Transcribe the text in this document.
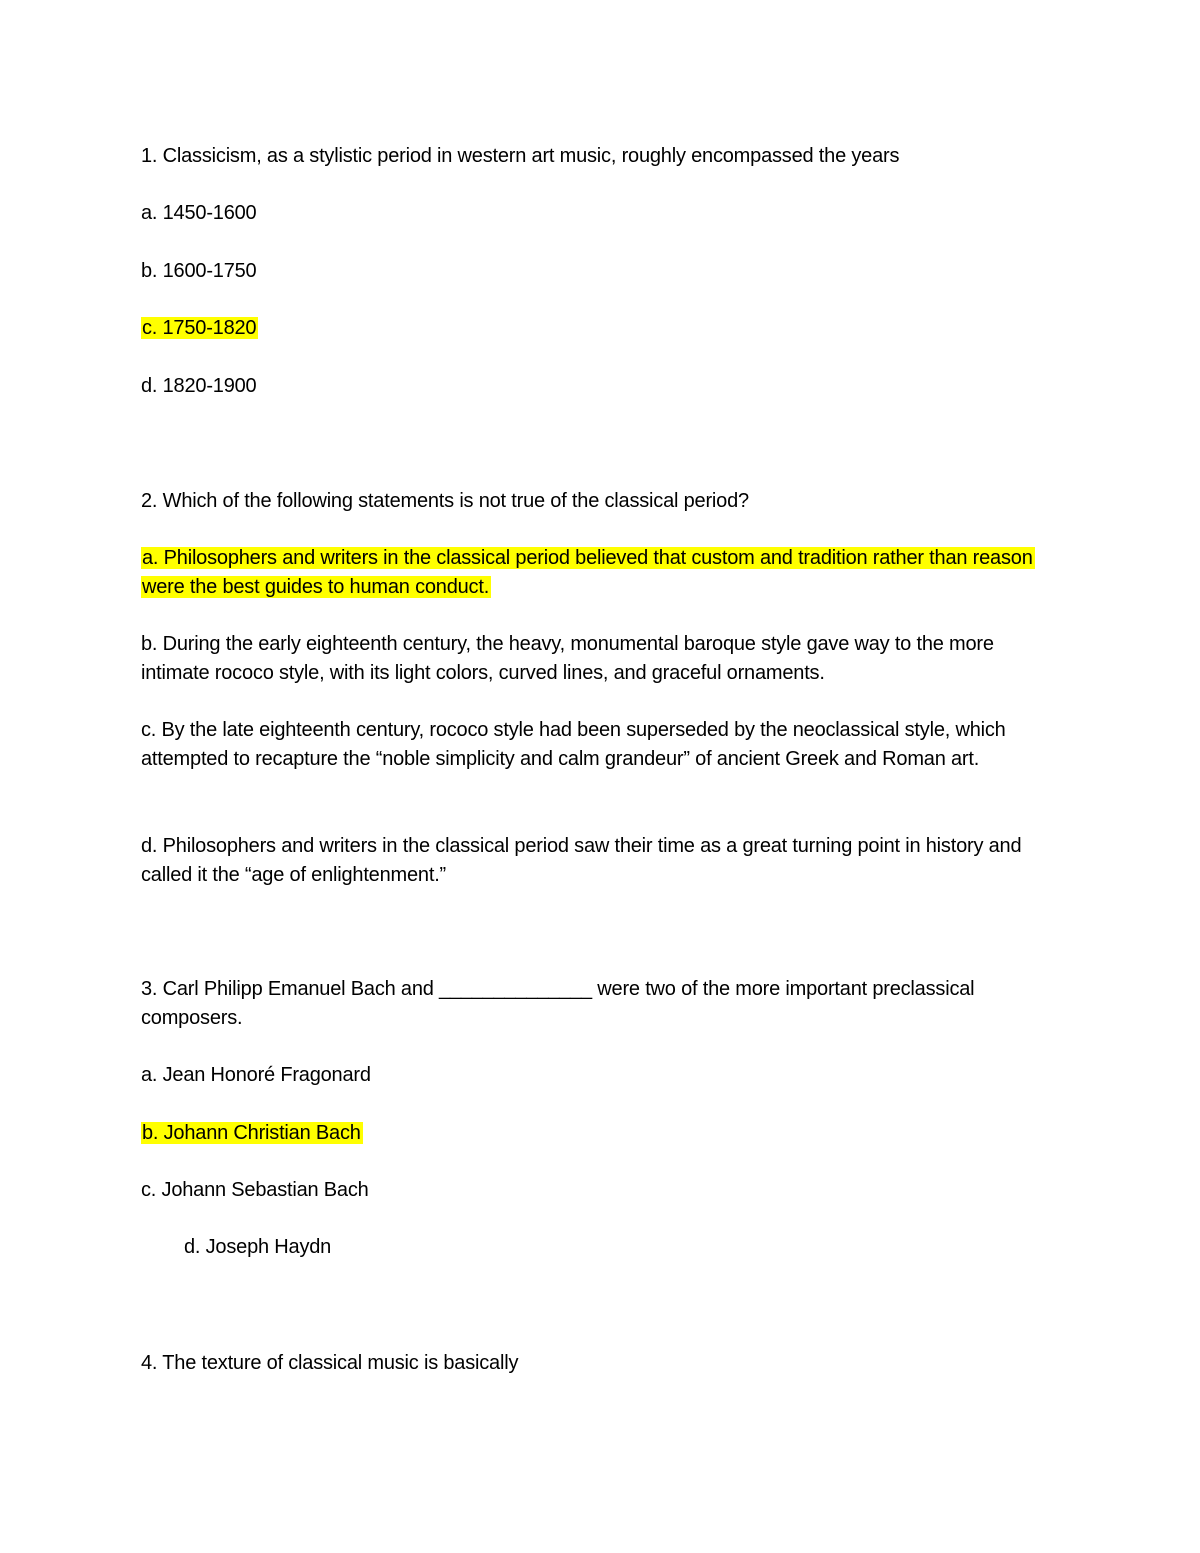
1. Classicism, as a stylistic period in western art music, roughly encompassed the years
a. 1450-1600
b. 1600-1750
c. 1750-1820
d. 1820-1900
2. Which of the following statements is not true of the classical period?
a. Philosophers and writers in the classical period believed that custom and tradition rather than reason were the best guides to human conduct.
b. During the early eighteenth century, the heavy, monumental baroque style gave way to the more intimate rococo style, with its light colors, curved lines, and graceful ornaments.
c. By the late eighteenth century, rococo style had been superseded by the neoclassical style, which attempted to recapture the “noble simplicity and calm grandeur” of ancient Greek and Roman art.
d. Philosophers and writers in the classical period saw their time as a great turning point in history and called it the “age of enlightenment.”
3. Carl Philipp Emanuel Bach and ______________ were two of the more important preclassical composers.
a. Jean Honoré Fragonard
b. Johann Christian Bach
c. Johann Sebastian Bach
d. Joseph Haydn
4. The texture of classical music is basically
